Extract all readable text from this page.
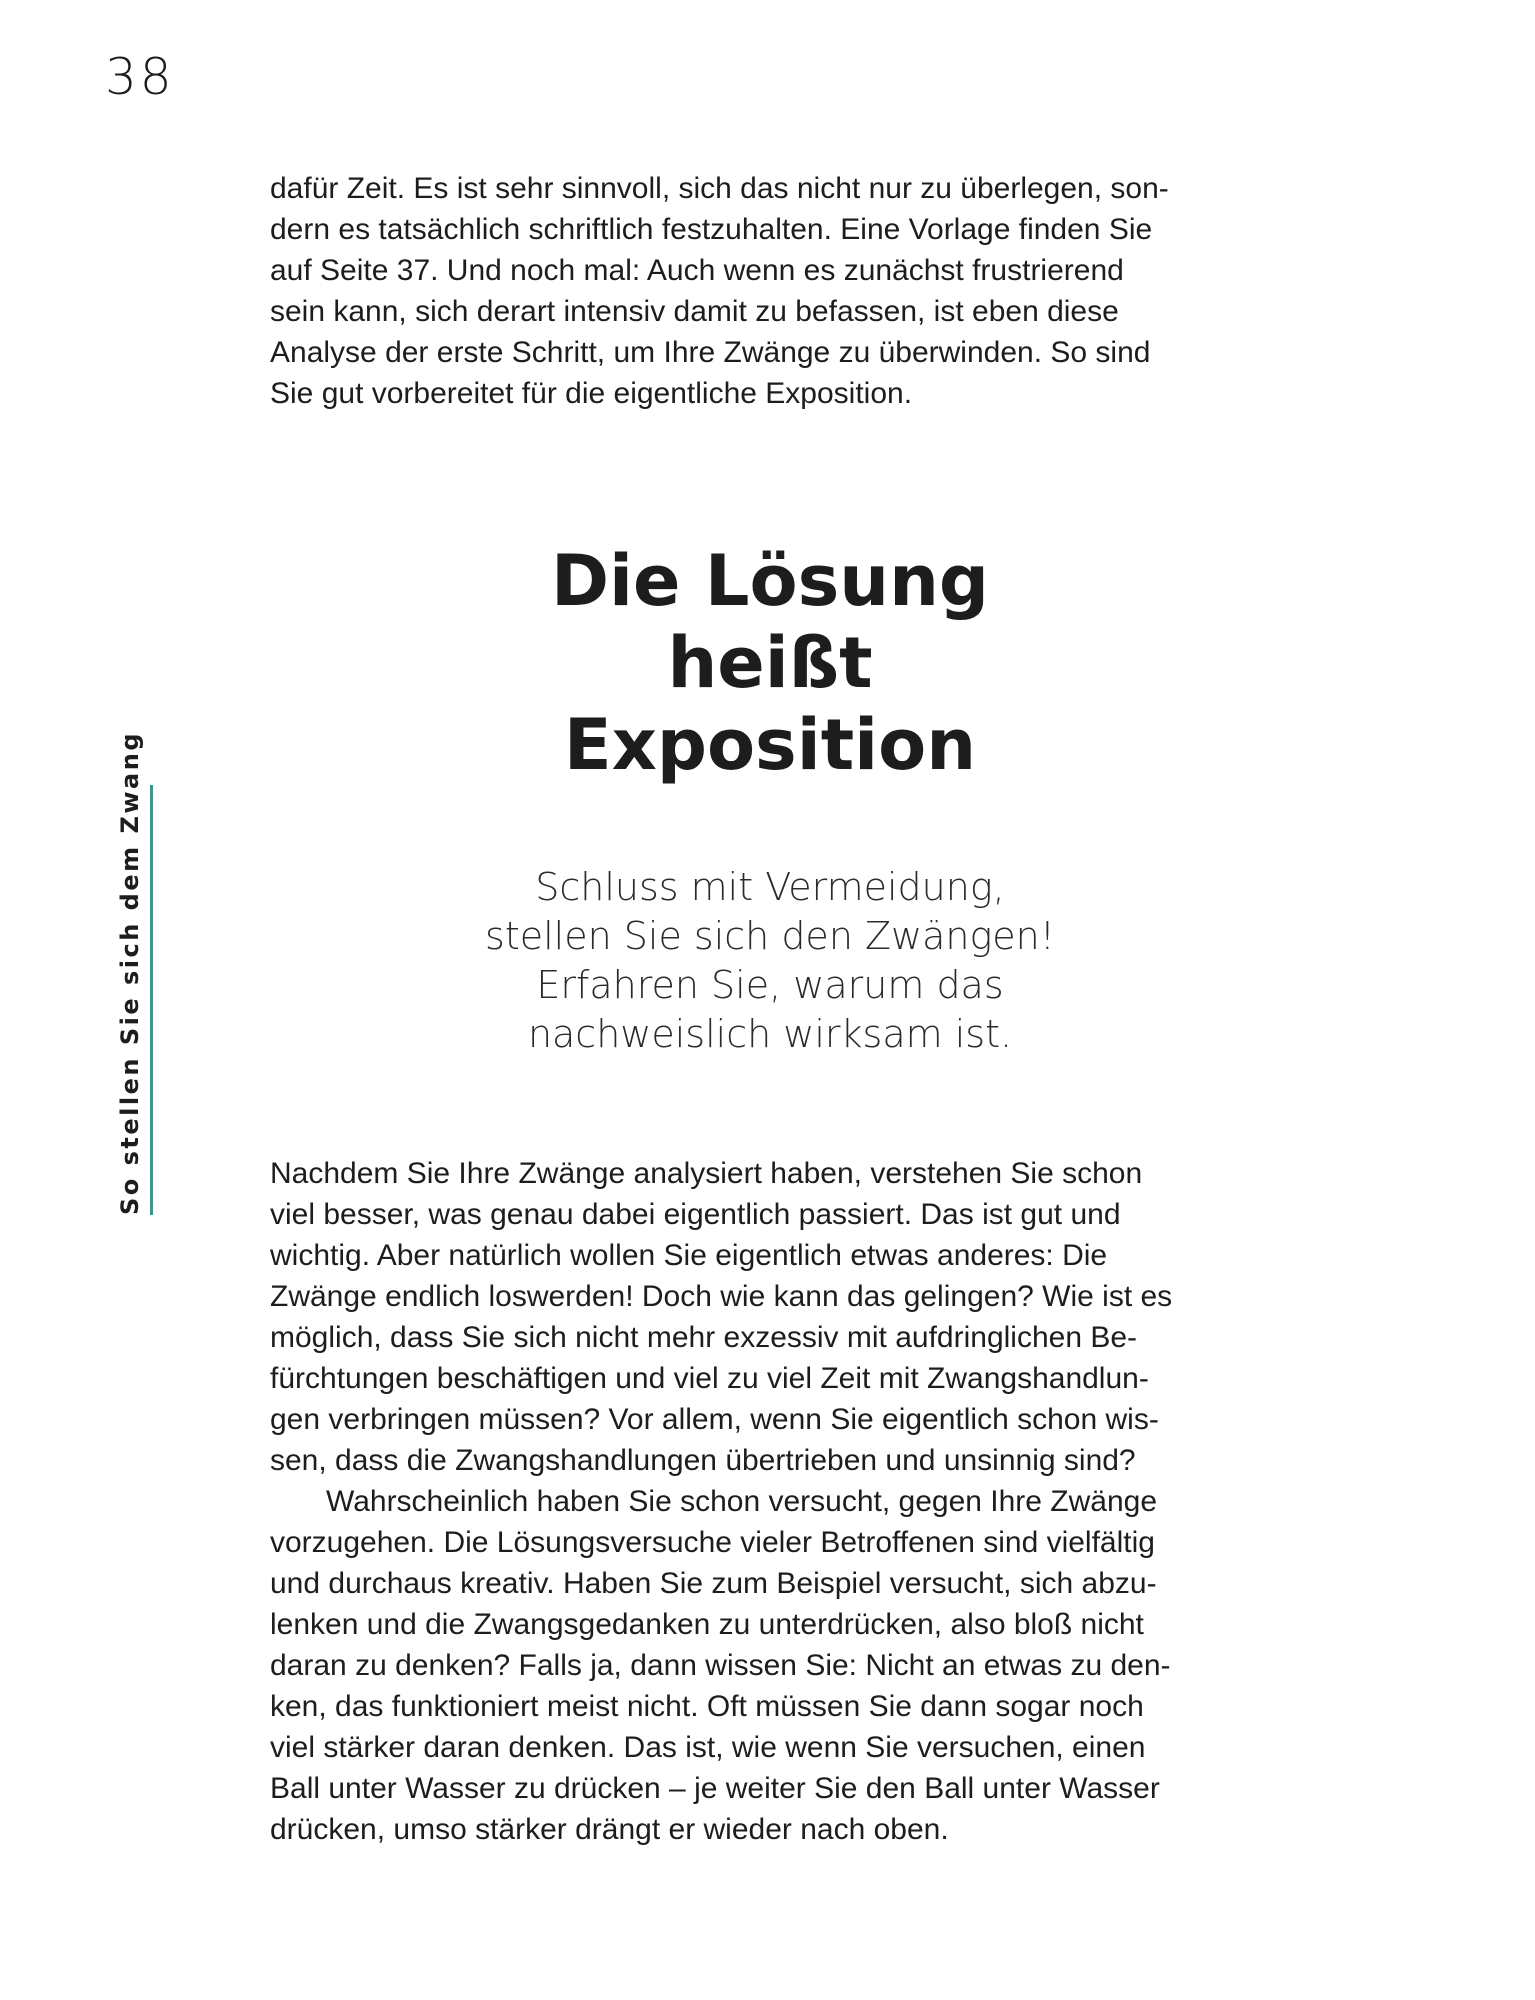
38
So stellen Sie sich dem Zwang
dafür Zeit. Es ist sehr sinnvoll, sich das nicht nur zu überlegen, son-
dern es tatsächlich schriftlich festzuhalten. Eine Vorlage finden Sie
auf Seite 37. Und noch mal: Auch wenn es zunächst frustrierend
sein kann, sich derart intensiv damit zu befassen, ist eben diese
Analyse der erste Schritt, um Ihre Zwänge zu überwinden. So sind
Sie gut vorbereitet für die eigentliche Exposition.
Die Lösung
heißt
Exposition
Schluss mit Vermeidung,
stellen Sie sich den Zwängen!
Erfahren Sie, warum das
nachweislich wirksam ist.
Nachdem Sie Ihre Zwänge analysiert haben, verstehen Sie schon
viel besser, was genau dabei eigentlich passiert. Das ist gut und
wichtig. Aber natürlich wollen Sie eigentlich etwas anderes: Die
Zwänge endlich loswerden! Doch wie kann das gelingen? Wie ist es
möglich, dass Sie sich nicht mehr exzessiv mit aufdringlichen Be-
fürchtungen beschäftigen und viel zu viel Zeit mit Zwangshandlun-
gen verbringen müssen? Vor allem, wenn Sie eigentlich schon wis-
sen, dass die Zwangshandlungen übertrieben und unsinnig sind?
Wahrscheinlich haben Sie schon versucht, gegen Ihre Zwänge
vorzugehen. Die Lösungsversuche vieler Betroffenen sind vielfältig
und durchaus kreativ. Haben Sie zum Beispiel versucht, sich abzu-
lenken und die Zwangsgedanken zu unterdrücken, also bloß nicht
daran zu denken? Falls ja, dann wissen Sie: Nicht an etwas zu den-
ken, das funktioniert meist nicht. Oft müssen Sie dann sogar noch
viel stärker daran denken. Das ist, wie wenn Sie versuchen, einen
Ball unter Wasser zu drücken – je weiter Sie den Ball unter Wasser
drücken, umso stärker drängt er wieder nach oben.
